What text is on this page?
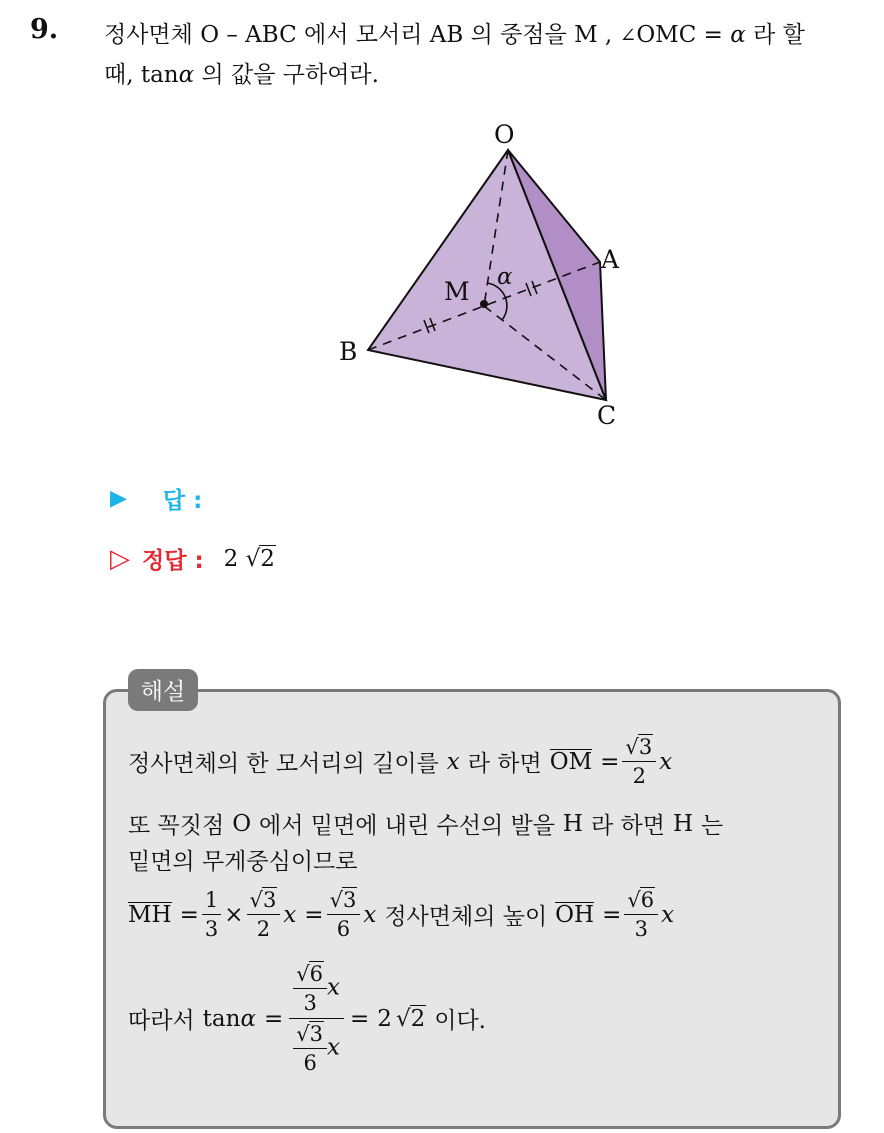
9. 정사면체 O – ABC 에서 모서리 AB 의 중점을 M , ∠OMC = α 라 할
때, tanα 의 값을 구하여라.
O
A
B
C
M α
▶ 답 :
▷ 정답 : 2 √2
해설
정사면체의 한 모서리의 길이를 x 라 하면 OM = $\frac{√3}{2}$ x
또 꼭짓점 O 에서 밑면에 내린 수선의 발을 H 라 하면 H 는
밑면의 무게중심이므로
MH = $\frac{1}{3} \times \frac{√3}{2}$ $x = \frac{√3}{6}$ x 정사면체의 높이 OH = $\frac{√6}{3}$ x
따라서 $\tan \alpha = \frac{\frac{√6}{3} x}{\frac{√3}{6} x} = 2$ √2 이다.
